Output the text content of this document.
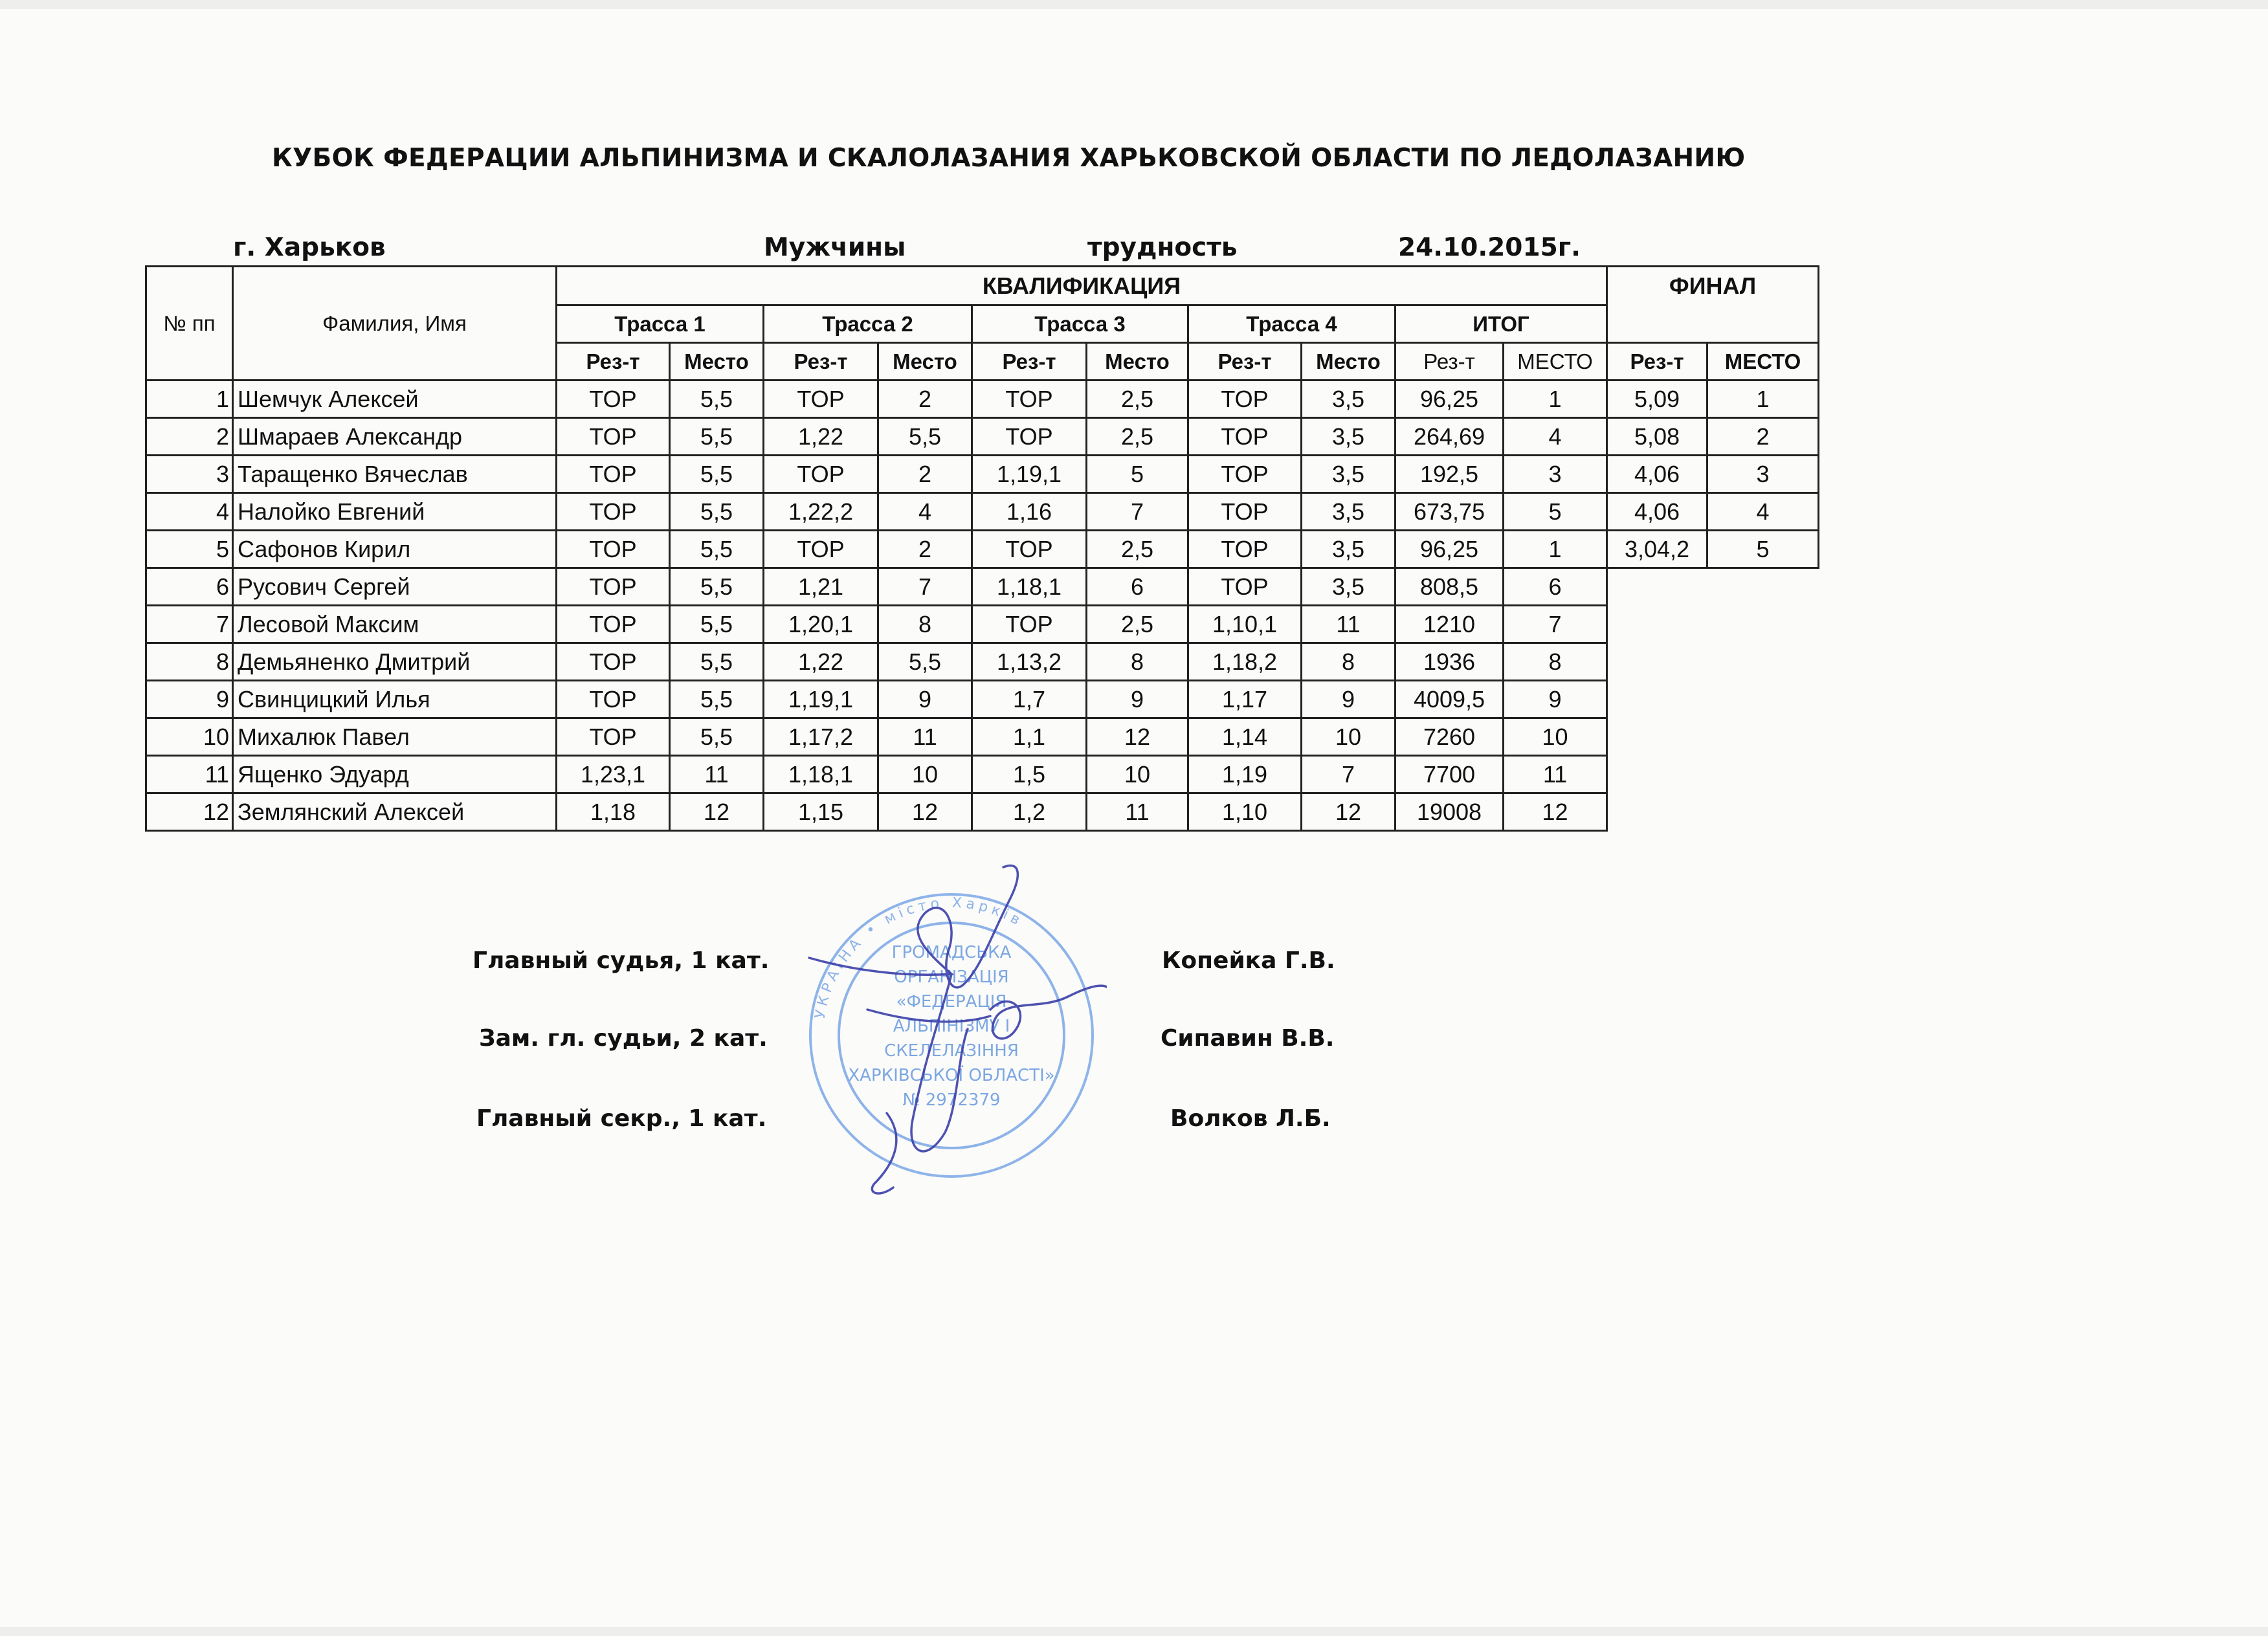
КУБОК ФЕДЕРАЦИИ АЛЬПИНИЗМА И СКАЛОЛАЗАНИЯ ХАРЬКОВСКОЙ ОБЛАСТИ ПО ЛЕДОЛАЗАНИЮ
г. Харьков	Мужчины	трудность	24.10.2015г.
№ пп	Фамилия, Имя	КВАЛИФИКАЦИЯ										ФИНАЛ	
		Трасса 1		Трасса 2		Трасса 3		Трасса 4		ИТОГ			
		Рез-т	Место	Рез-т	Место	Рез-т	Место	Рез-т	Место	Рез-т	МЕСТО	Рез-т	МЕСТО
1	Шемчук Алексей	TOP	5,5	TOP	2	TOP	2,5	TOP	3,5	96,25	1	5,09	1
2	Шмараев Александр	TOP	5,5	1,22	5,5	TOP	2,5	TOP	3,5	264,69	4	5,08	2
3	Таращенко Вячеслав	TOP	5,5	TOP	2	1,19,1	5	TOP	3,5	192,5	3	4,06	3
4	Налойко Евгений	TOP	5,5	1,22,2	4	1,16	7	TOP	3,5	673,75	5	4,06	4
5	Сафонов Кирил	TOP	5,5	TOP	2	TOP	2,5	TOP	3,5	96,25	1	3,04,2	5
6	Русович Сергей	TOP	5,5	1,21	7	1,18,1	6	TOP	3,5	808,5	6		
7	Лесовой Максим	TOP	5,5	1,20,1	8	TOP	2,5	1,10,1	11	1210	7		
8	Демьяненко Дмитрий	TOP	5,5	1,22	5,5	1,13,2	8	1,18,2	8	1936	8		
9	Свинцицкий Илья	TOP	5,5	1,19,1	9	1,7	9	1,17	9	4009,5	9		
10	Михалюк Павел	TOP	5,5	1,17,2	11	1,1	12	1,14	10	7260	10		
11	Ященко Эдуард	1,23,1	11	1,18,1	10	1,5	10	1,19	7	7700	11		
12	Землянский Алексей	1,18	12	1,15	12	1,2	11	1,10	12	19008	12		
Главный судья, 1 кат.
Зам. гл. судьи, 2 кат.
Главный секр., 1 кат.
Копейка Г.В.
Сипавин В.В.
Волков Л.Б.
УКРАЇНА • місто Харків
ГРОМАДСЬКА
ОРГАНІЗАЦІЯ
«ФЕДЕРАЦІЯ
АЛЬПІНІЗМУ І
СКЕЛЕЛАЗІННЯ
ХАРКІВСЬКОЇ ОБЛАСТІ»
№ 2972379
